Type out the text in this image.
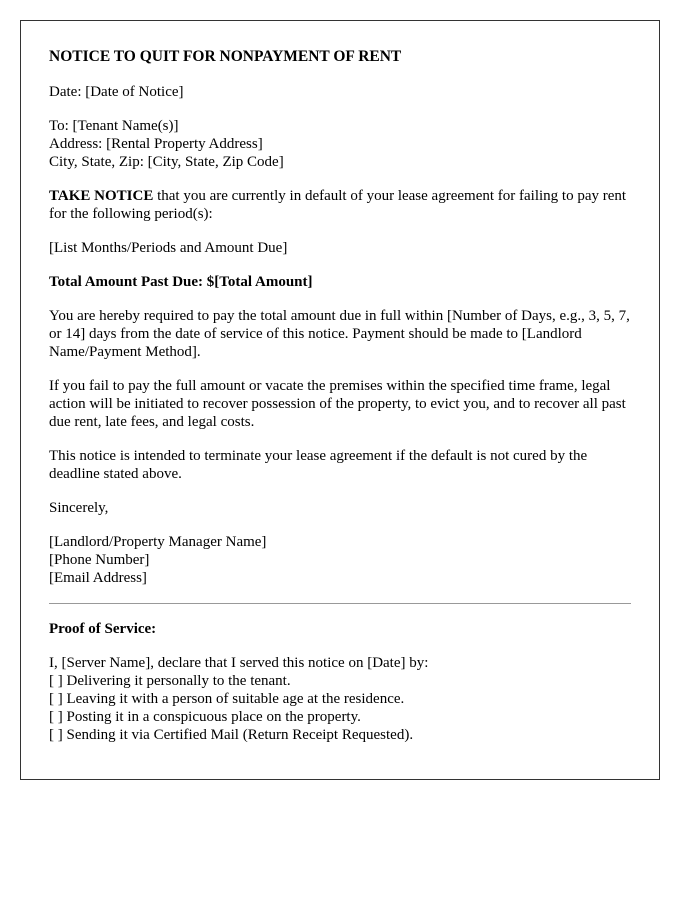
NOTICE TO QUIT FOR NONPAYMENT OF RENT

Date: [Date of Notice]

To: [Tenant Name(s)]
Address: [Rental Property Address]
City, State, Zip: [City, State, Zip Code]

TAKE NOTICE that you are currently in default of your lease agreement for failing to pay rent for the following period(s):

[List Months/Periods and Amount Due]

Total Amount Past Due: $[Total Amount]

You are hereby required to pay the total amount due in full within [Number of Days, e.g., 3, 5, 7, or 14] days from the date of service of this notice. Payment should be made to [Landlord Name/Payment Method].

If you fail to pay the full amount or vacate the premises within the specified time frame, legal action will be initiated to recover possession of the property, to evict you, and to recover all past due rent, late fees, and legal costs.

This notice is intended to terminate your lease agreement if the default is not cured by the deadline stated above.

Sincerely,

[Landlord/Property Manager Name]
[Phone Number]
[Email Address]

Proof of Service:

I, [Server Name], declare that I served this notice on [Date] by:
[ ] Delivering it personally to the tenant.
[ ] Leaving it with a person of suitable age at the residence.
[ ] Posting it in a conspicuous place on the property.
[ ] Sending it via Certified Mail (Return Receipt Requested).
